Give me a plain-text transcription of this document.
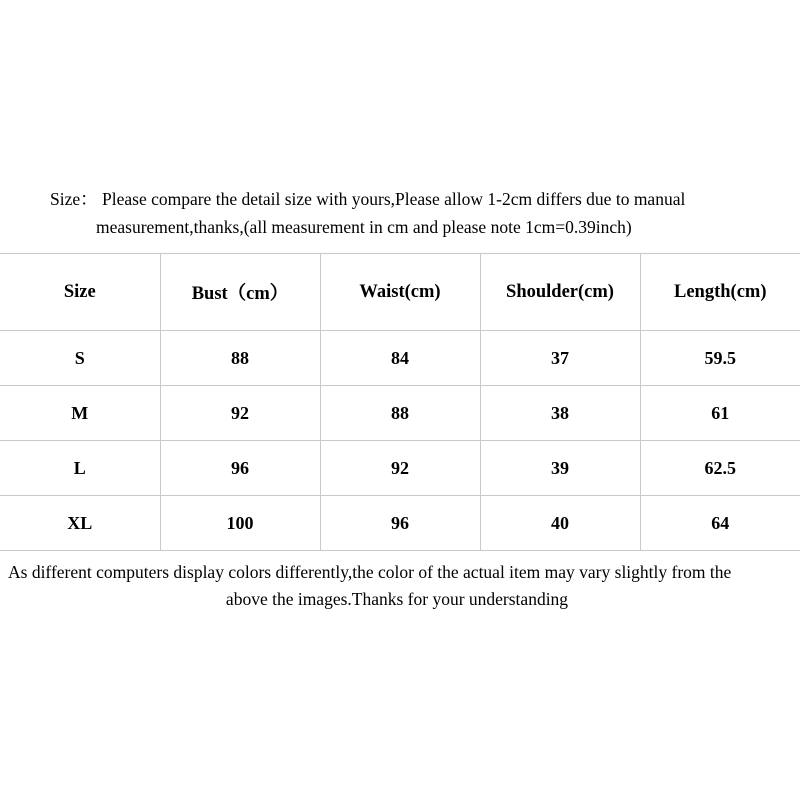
Size： Please compare the detail size with yours,Please allow 1-2cm differs due to manual
measurement,thanks,(all measurement in cm and please note 1cm=0.39inch)
Size	Bust（cm）	Waist(cm)	Shoulder(cm)	Length(cm)
S	88	84	37	59.5
M	92	88	38	61
L	96	92	39	62.5
XL	100	96	40	64
As different computers display colors differently,the color of the actual item may vary slightly from the
above the images.Thanks for your understanding
